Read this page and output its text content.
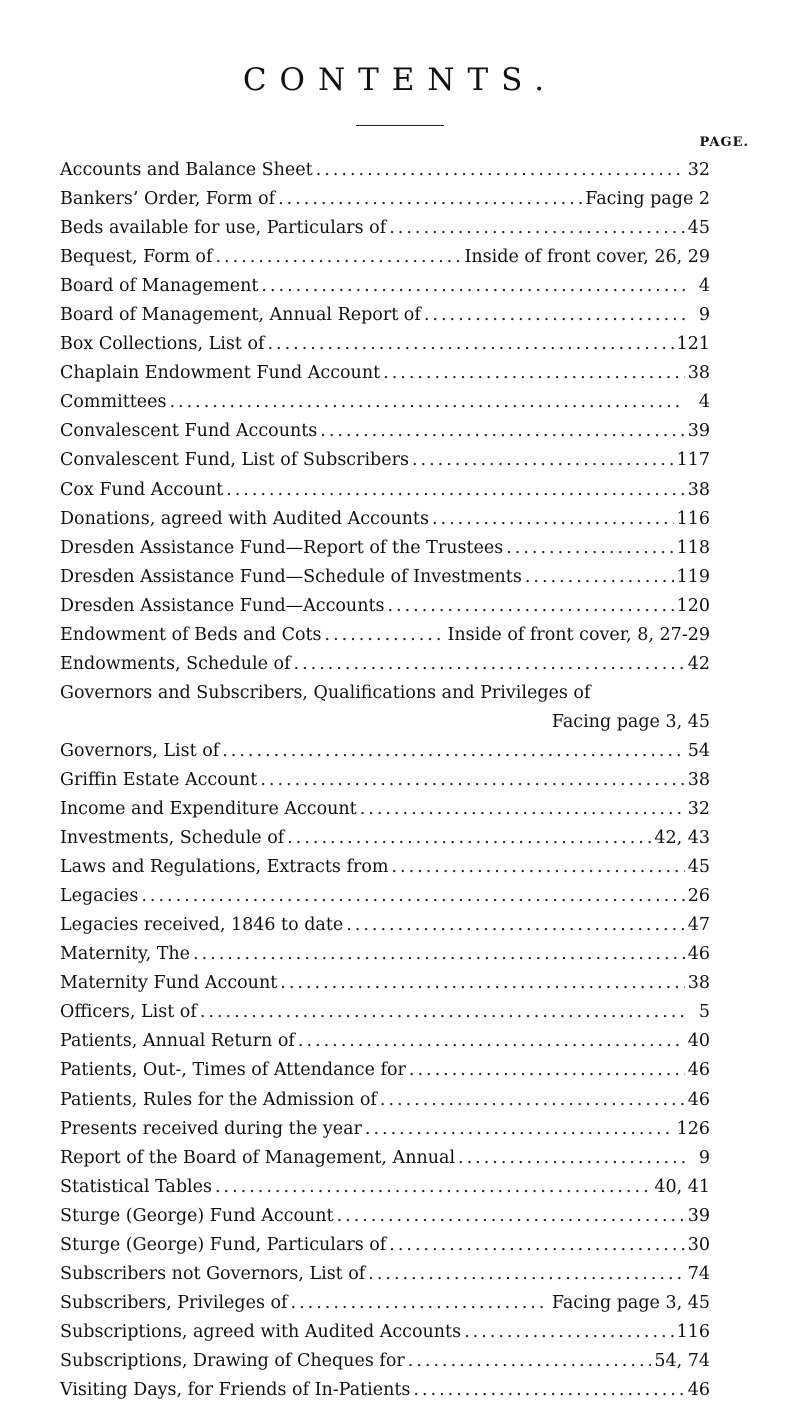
CONTENTS.
PAGE.
Accounts and Balance Sheet .....	32
Bankers’ Order, Form of .....	Facing page 2
Beds available for use, Particulars of .....	45
Bequest, Form of .....	Inside of front cover, 26, 29
Board of Management .....	4
Board of Management, Annual Report of .....	9
Box Collections, List of .....	121
Chaplain Endowment Fund Account .....	38
Committees .....	4
Convalescent Fund Accounts .....	39
Convalescent Fund, List of Subscribers .....	117
Cox Fund Account .....	38
Donations, agreed with Audited Accounts .....	116
Dresden Assistance Fund—Report of the Trustees .....	118
Dresden Assistance Fund—Schedule of Investments .....	119
Dresden Assistance Fund—Accounts .....	120
Endowment of Beds and Cots .....	Inside of front cover, 8, 27-29
Endowments, Schedule of .....	42
Governors and Subscribers, Qualifications and Privileges of
Facing page 3, 45
Governors, List of .....	54
Griffin Estate Account .....	38
Income and Expenditure Account .....	32
Investments, Schedule of .....	42, 43
Laws and Regulations, Extracts from .....	45
Legacies .....	26
Legacies received, 1846 to date .....	47
Maternity, The .....	46
Maternity Fund Account .....	38
Officers, List of .....	5
Patients, Annual Return of .....	40
Patients, Out-, Times of Attendance for .....	46
Patients, Rules for the Admission of .....	46
Presents received during the year .....	126
Report of the Board of Management, Annual .....	9
Statistical Tables .....	40, 41
Sturge (George) Fund Account .....	39
Sturge (George) Fund, Particulars of .....	30
Subscribers not Governors, List of .....	74
Subscribers, Privileges of .....	Facing page 3, 45
Subscriptions, agreed with Audited Accounts .....	116
Subscriptions, Drawing of Cheques for .....	54, 74
Visiting Days, for Friends of In-Patients .....	46
